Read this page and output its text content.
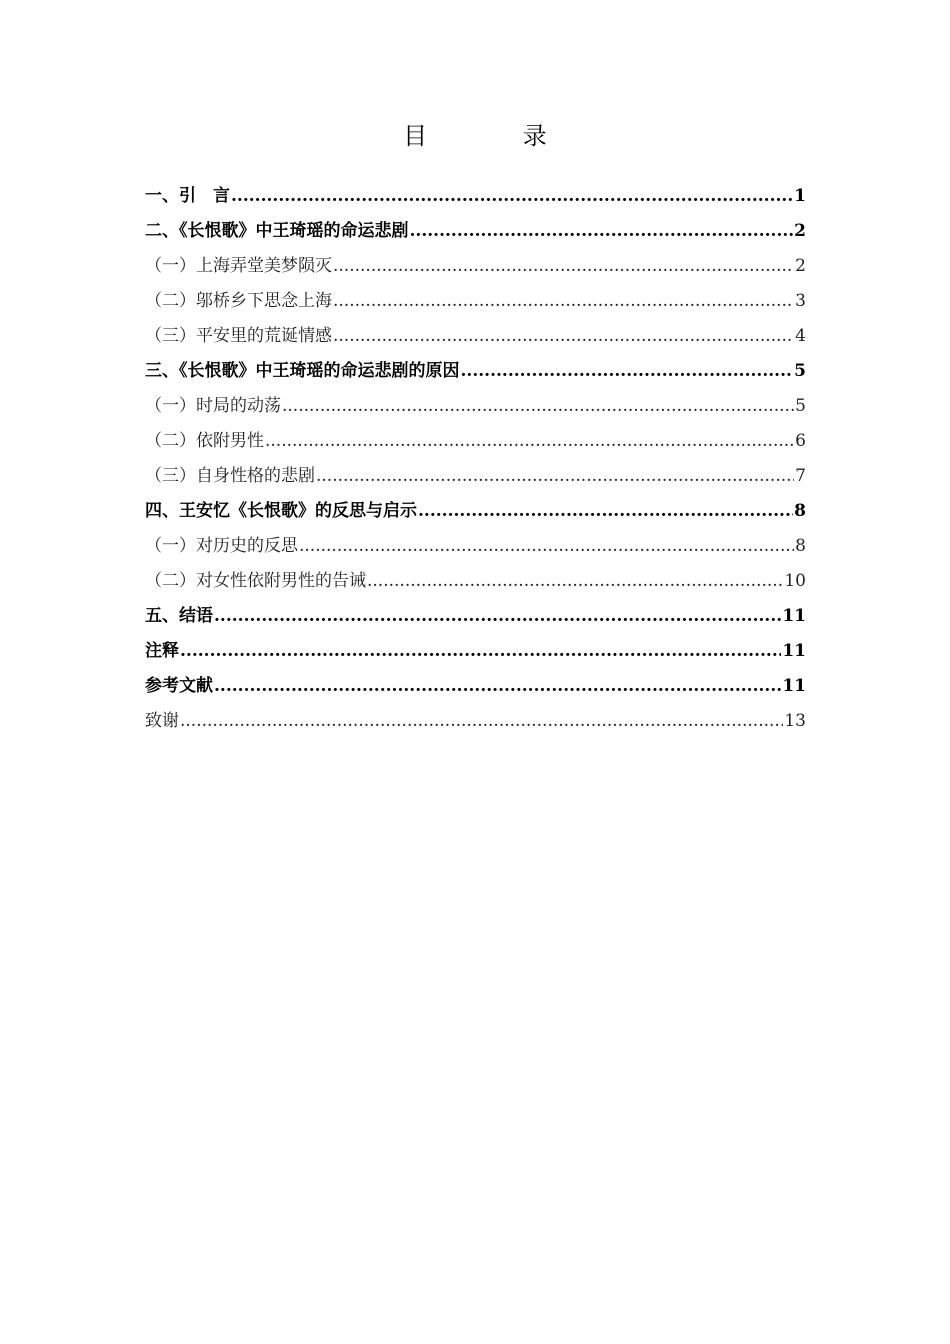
目 录
一、引　言 .....	1
二、《长恨歌》中王琦瑶的命运悲剧 .....	2
（一）上海弄堂美梦陨灭 .....	2
（二）邬桥乡下思念上海 .....	3
（三）平安里的荒诞情感 .....	4
三、《长恨歌》中王琦瑶的命运悲剧的原因 .....	5
（一）时局的动荡 .....	5
（二）依附男性 .....	6
（三）自身性格的悲剧 .....	7
四、王安忆《长恨歌》的反思与启示 .....	8
（一）对历史的反思 .....	8
（二）对女性依附男性的告诫 .....	10
五、结语 .....	11
注释 .....	11
参考文献 .....	11
致谢 .....	13
